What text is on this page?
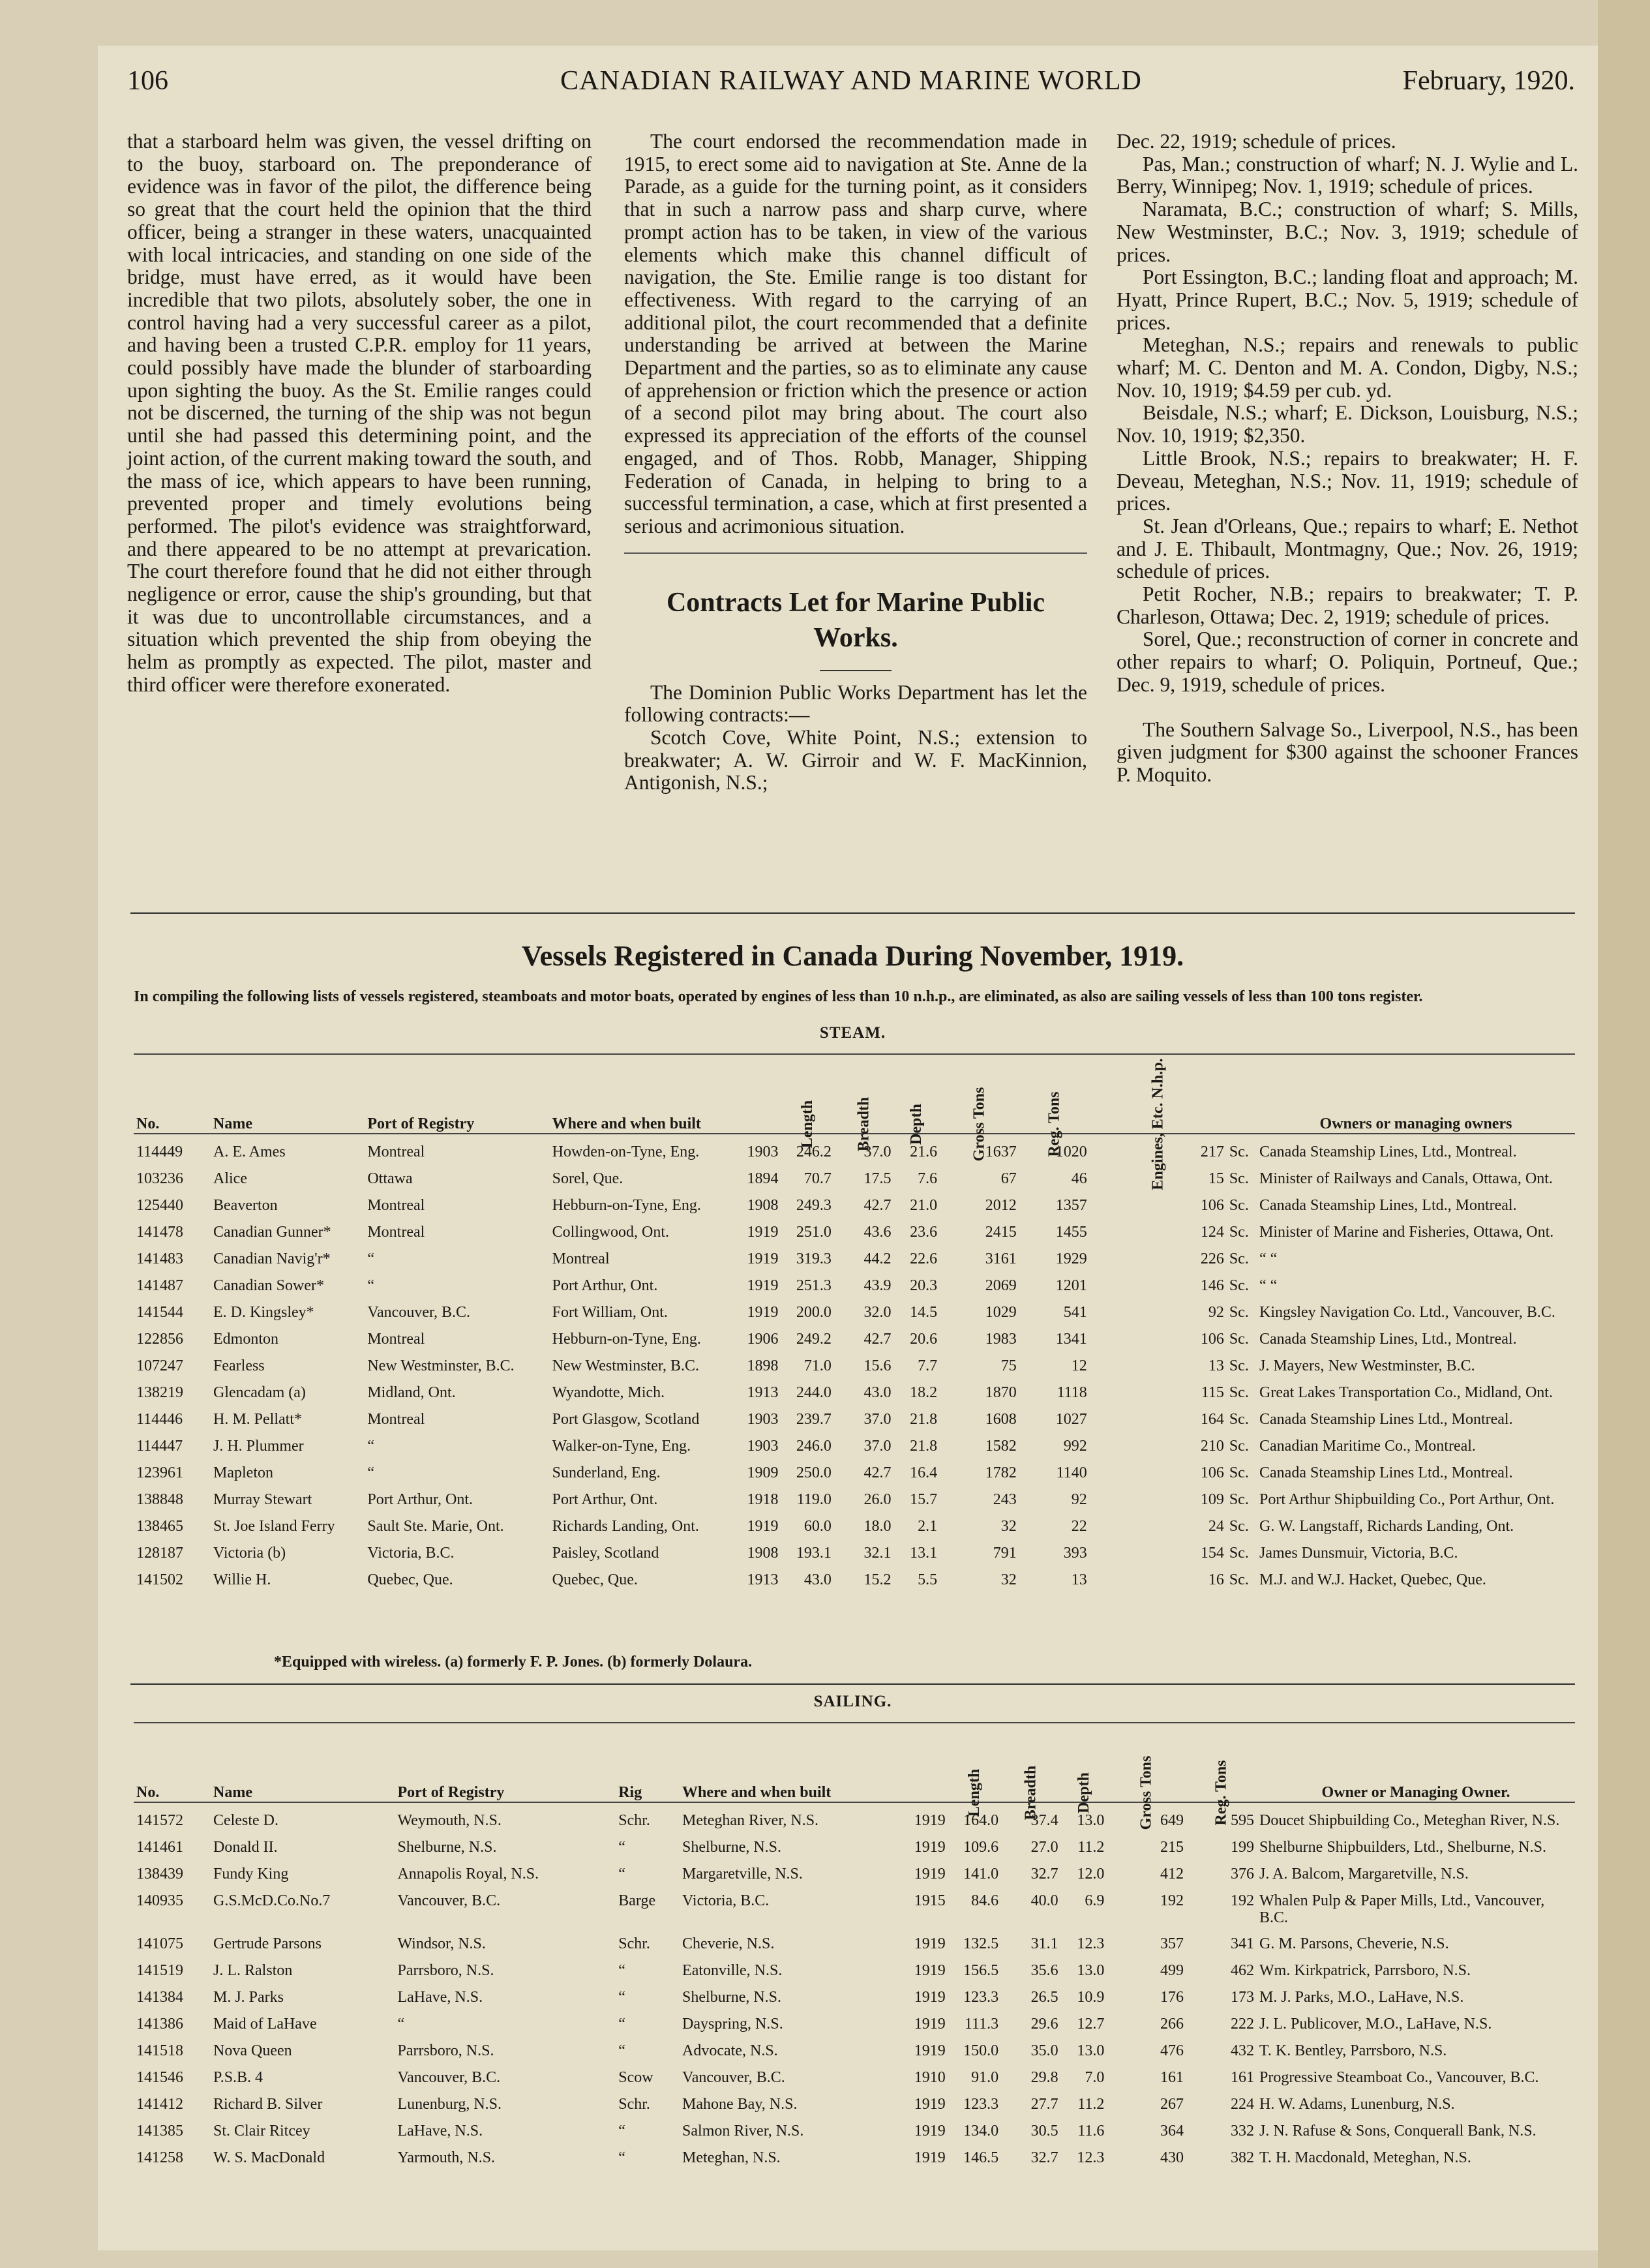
106	CANADIAN RAILWAY AND MARINE WORLD	February, 1920.

that a starboard helm was given, the vessel drifting on to the buoy, starboard on. The preponderance of evidence was in favor of the pilot, the difference being so great that the court held the opinion that the third officer, being a stranger in these waters, unacquainted with local intricacies, and standing on one side of the bridge, must have erred, as it would have been incredible that two pilots, absolutely sober, the one in control having had a very successful career as a pilot, and having been a trusted C.P.R. employ for 11 years, could possibly have made the blunder of starboarding upon sighting the buoy. As the St. Emilie ranges could not be discerned, the turning of the ship was not begun until she had passed this determining point, and the joint action, of the current making toward the south, and the mass of ice, which appears to have been running, prevented proper and timely evolutions being performed. The pilot's evidence was straightforward, and there appeared to be no attempt at prevarication. The court therefore found that he did not either through negligence or error, cause the ship's grounding, but that it was due to uncontrollable circumstances, and a situation which prevented the ship from obeying the helm as promptly as expected. The pilot, master and third officer were therefore exonerated.

The court endorsed the recommendation made in 1915, to erect some aid to navigation at Ste. Anne de la Parade, as a guide for the turning point, as it considers that in such a narrow pass and sharp curve, where prompt action has to be taken, in view of the various elements which make this channel difficult of navigation, the Ste. Emilie range is too distant for effectiveness. With regard to the carrying of an additional pilot, the court recommended that a definite understanding be arrived at between the Marine Department and the parties, so as to eliminate any cause of apprehension or friction which the presence or action of a second pilot may bring about. The court also expressed its appreciation of the efforts of the counsel engaged, and of Thos. Robb, Manager, Shipping Federation of Canada, in helping to bring to a successful termination, a case, which at first presented a serious and acrimonious situation.

Contracts Let for Marine Public Works.

The Dominion Public Works Department has let the following contracts:—

Scotch Cove, White Point, N.S.; extension to breakwater; A. W. Girroir and W. F. MacKinnion, Antigonish, N.S.;

Dec. 22, 1919; schedule of prices.

Pas, Man.; construction of wharf; N. J. Wylie and L. Berry, Winnipeg; Nov. 1, 1919; schedule of prices.

Naramata, B.C.; construction of wharf; S. Mills, New Westminster, B.C.; Nov. 3, 1919; schedule of prices.

Port Essington, B.C.; landing float and approach; M. Hyatt, Prince Rupert, B.C.; Nov. 5, 1919; schedule of prices.

Meteghan, N.S.; repairs and renewals to public wharf; M. C. Denton and M. A. Condon, Digby, N.S.; Nov. 10, 1919; $4.59 per cub. yd.

Beisdale, N.S.; wharf; E. Dickson, Louisburg, N.S.; Nov. 10, 1919; $2,350.

Little Brook, N.S.; repairs to breakwater; H. F. Deveau, Meteghan, N.S.; Nov. 11, 1919; schedule of prices.

St. Jean d'Orleans, Que.; repairs to wharf; E. Nethot and J. E. Thibault, Montmagny, Que.; Nov. 26, 1919; schedule of prices.

Petit Rocher, N.B.; repairs to breakwater; T. P. Charleson, Ottawa; Dec. 2, 1919; schedule of prices.

Sorel, Que.; reconstruction of corner in concrete and other repairs to wharf; O. Poliquin, Portneuf, Que.; Dec. 9, 1919, schedule of prices.

The Southern Salvage So., Liverpool, N.S., has been given judgment for $300 against the schooner Frances P. Moquito.

Vessels Registered in Canada During November, 1919.
In compiling the following lists of vessels registered, steamboats and motor boats, operated by engines of less than 10 n.h.p., are eliminated, as also are sailing vessels of less than 100 tons register.
STEAM.
No.	Name	Port of Registry	Where and when built		Length	Breadth	Depth	Gross Tons	Reg. Tons	Engines, Etc. N.h.p.		Owners or managing owners
114449	A. E. Ames	Montreal	Howden-on-Tyne, Eng.	1903	246.2	37.0	21.6	1637	1020	217	Sc.	Canada Steamship Lines, Ltd., Montreal.
103236	Alice	Ottawa	Sorel, Que.	1894	70.7	17.5	7.6	67	46	15	Sc.	Minister of Railways and Canals, Ottawa, Ont.
125440	Beaverton	Montreal	Hebburn-on-Tyne, Eng.	1908	249.3	42.7	21.0	2012	1357	106	Sc.	Canada Steamship Lines, Ltd., Montreal.
141478	Canadian Gunner*	Montreal	Collingwood, Ont.	1919	251.0	43.6	23.6	2415	1455	124	Sc.	Minister of Marine and Fisheries, Ottawa, Ont.
141483	Canadian Navig'r*	“	Montreal	1919	319.3	44.2	22.6	3161	1929	226	Sc.	“ “
141487	Canadian Sower*	“	Port Arthur, Ont.	1919	251.3	43.9	20.3	2069	1201	146	Sc.	“ “
141544	E. D. Kingsley*	Vancouver, B.C.	Fort William, Ont.	1919	200.0	32.0	14.5	1029	541	92	Sc.	Kingsley Navigation Co. Ltd., Vancouver, B.C.
122856	Edmonton	Montreal	Hebburn-on-Tyne, Eng.	1906	249.2	42.7	20.6	1983	1341	106	Sc.	Canada Steamship Lines, Ltd., Montreal.
107247	Fearless	New Westminster, B.C.	New Westminster, B.C.	1898	71.0	15.6	7.7	75	12	13	Sc.	J. Mayers, New Westminster, B.C.
138219	Glencadam (a)	Midland, Ont.	Wyandotte, Mich.	1913	244.0	43.0	18.2	1870	1118	115	Sc.	Great Lakes Transportation Co., Midland, Ont.
114446	H. M. Pellatt*	Montreal	Port Glasgow, Scotland	1903	239.7	37.0	21.8	1608	1027	164	Sc.	Canada Steamship Lines Ltd., Montreal.
114447	J. H. Plummer	“	Walker-on-Tyne, Eng.	1903	246.0	37.0	21.8	1582	992	210	Sc.	Canadian Maritime Co., Montreal.
123961	Mapleton	“	Sunderland, Eng.	1909	250.0	42.7	16.4	1782	1140	106	Sc.	Canada Steamship Lines Ltd., Montreal.
138848	Murray Stewart	Port Arthur, Ont.	Port Arthur, Ont.	1918	119.0	26.0	15.7	243	92	109	Sc.	Port Arthur Shipbuilding Co., Port Arthur, Ont.
138465	St. Joe Island Ferry	Sault Ste. Marie, Ont.	Richards Landing, Ont.	1919	60.0	18.0	2.1	32	22	24	Sc.	G. W. Langstaff, Richards Landing, Ont.
128187	Victoria (b)	Victoria, B.C.	Paisley, Scotland	1908	193.1	32.1	13.1	791	393	154	Sc.	James Dunsmuir, Victoria, B.C.
141502	Willie H.	Quebec, Que.	Quebec, Que.	1913	43.0	15.2	5.5	32	13	16	Sc.	M.J. and W.J. Hacket, Quebec, Que.
*Equipped with wireless. (a) formerly F. P. Jones. (b) formerly Dolaura.
SAILING.
No.	Name	Port of Registry	Rig	Where and when built		Length	Breadth	Depth	Gross Tons	Reg. Tons	Owner or Managing Owner.
141572	Celeste D.	Weymouth, N.S.	Schr.	Meteghan River, N.S.	1919	164.0	37.4	13.0	649	595	Doucet Shipbuilding Co., Meteghan River, N.S.
141461	Donald II.	Shelburne, N.S.	“	Shelburne, N.S.	1919	109.6	27.0	11.2	215	199	Shelburne Shipbuilders, Ltd., Shelburne, N.S.
138439	Fundy King	Annapolis Royal, N.S.	“	Margaretville, N.S.	1919	141.0	32.7	12.0	412	376	J. A. Balcom, Margaretville, N.S.
140935	G.S.McD.Co.No.7	Vancouver, B.C.	Barge	Victoria, B.C.	1915	84.6	40.0	6.9	192	192	Whalen Pulp & Paper Mills, Ltd., Vancouver, B.C.
141075	Gertrude Parsons	Windsor, N.S.	Schr.	Cheverie, N.S.	1919	132.5	31.1	12.3	357	341	G. M. Parsons, Cheverie, N.S.
141519	J. L. Ralston	Parrsboro, N.S.	“	Eatonville, N.S.	1919	156.5	35.6	13.0	499	462	Wm. Kirkpatrick, Parrsboro, N.S.
141384	M. J. Parks	LaHave, N.S.	“	Shelburne, N.S.	1919	123.3	26.5	10.9	176	173	M. J. Parks, M.O., LaHave, N.S.
141386	Maid of LaHave	“	“	Dayspring, N.S.	1919	111.3	29.6	12.7	266	222	J. L. Publicover, M.O., LaHave, N.S.
141518	Nova Queen	Parrsboro, N.S.	“	Advocate, N.S.	1919	150.0	35.0	13.0	476	432	T. K. Bentley, Parrsboro, N.S.
141546	P.S.B. 4	Vancouver, B.C.	Scow	Vancouver, B.C.	1910	91.0	29.8	7.0	161	161	Progressive Steamboat Co., Vancouver, B.C.
141412	Richard B. Silver	Lunenburg, N.S.	Schr.	Mahone Bay, N.S.	1919	123.3	27.7	11.2	267	224	H. W. Adams, Lunenburg, N.S.
141385	St. Clair Ritcey	LaHave, N.S.	“	Salmon River, N.S.	1919	134.0	30.5	11.6	364	332	J. N. Rafuse & Sons, Conquerall Bank, N.S.
141258	W. S. MacDonald	Yarmouth, N.S.	“	Meteghan, N.S.	1919	146.5	32.7	12.3	430	382	T. H. Macdonald, Meteghan, N.S.
